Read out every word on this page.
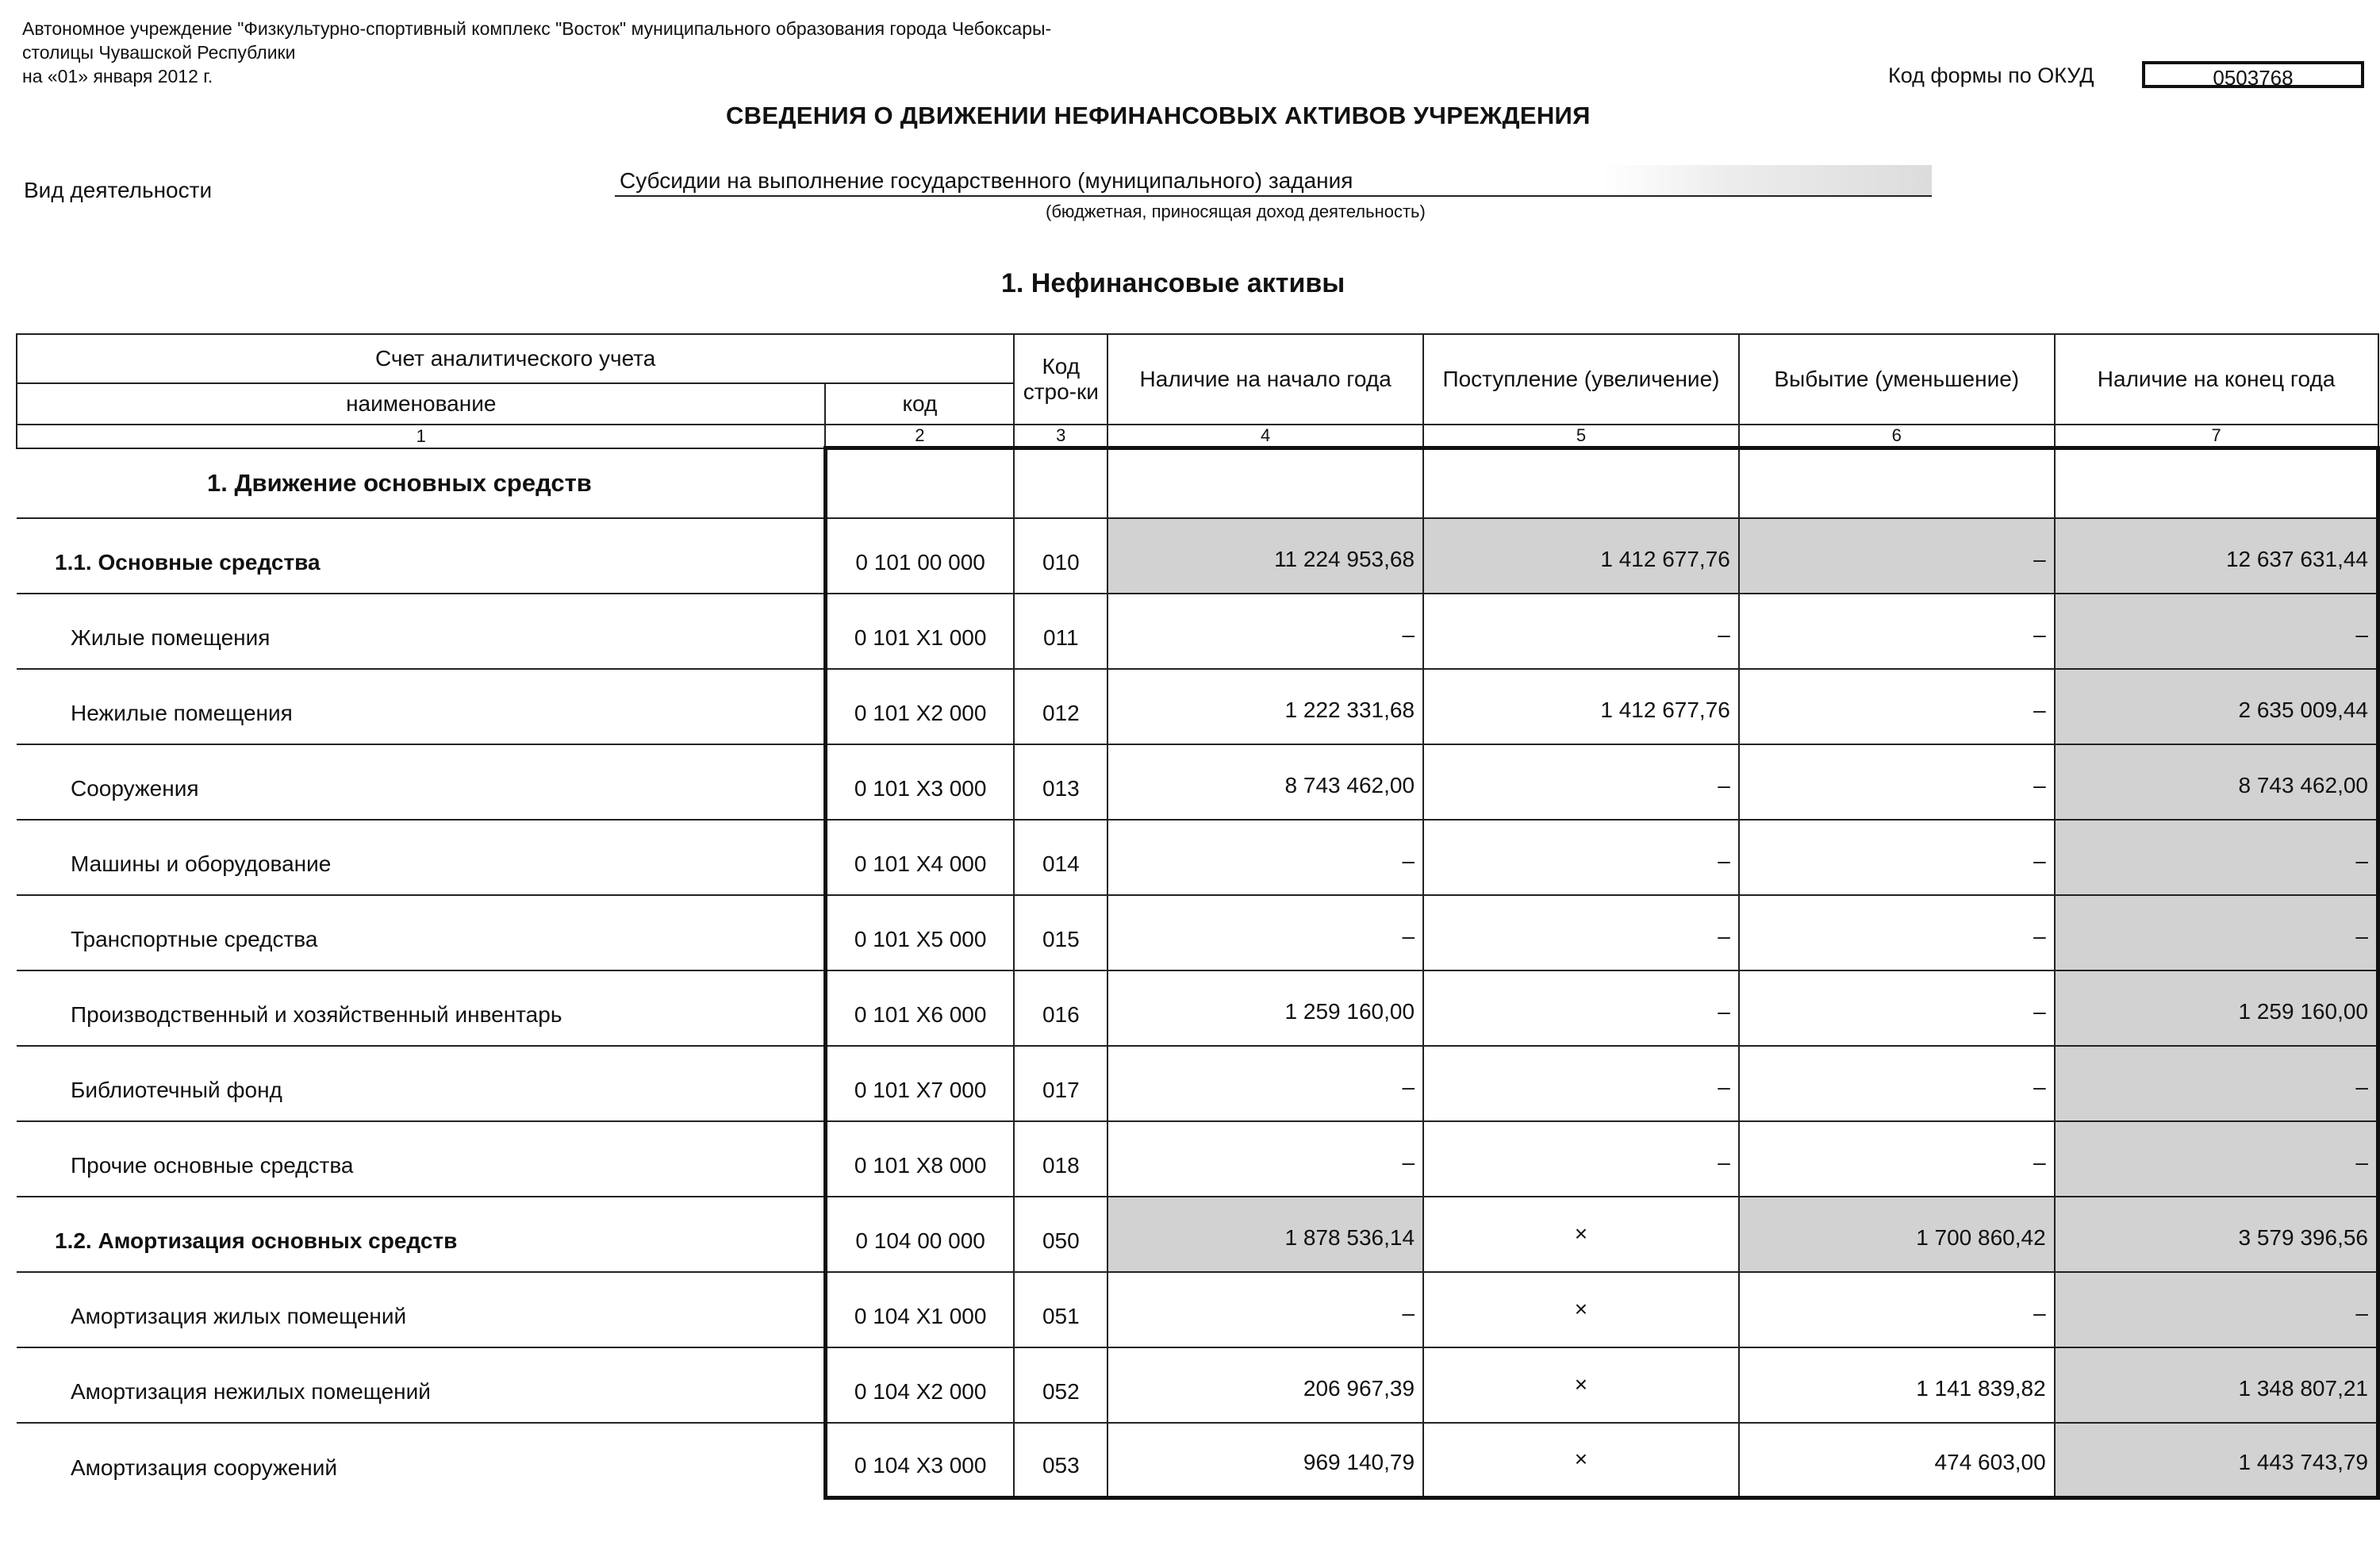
Автономное учреждение "Физкультурно-спортивный комплекс "Восток" муниципального образования города Чебоксары-
столицы Чувашской Республики
на «01» января 2012 г.	Код формы по ОКУД	0503768
СВЕДЕНИЯ О ДВИЖЕНИИ НЕФИНАНСОВЫХ АКТИВОВ УЧРЕЖДЕНИЯ
Вид деятельности	Субсидии на выполнение государственного (муниципального) задания
(бюджетная, приносящая доход деятельность)
1. Нефинансовые активы
Счет аналитического учета		Код стро-ки	Наличие на начало года	Поступление (увеличение)	Выбытие (уменьшение)	Наличие на конец года
наименование	код					
1	2	3	4	5	6	7
1. Движение основных средств						
1.1. Основные средства	0 101 00 000	010	11 224 953,68	1 412 677,76	–	12 637 631,44
Жилые помещения	0 101 X1 000	011	–	–	–	–
Нежилые помещения	0 101 X2 000	012	1 222 331,68	1 412 677,76	–	2 635 009,44
Сооружения	0 101 X3 000	013	8 743 462,00	–	–	8 743 462,00
Машины и оборудование	0 101 X4 000	014	–	–	–	–
Транспортные средства	0 101 X5 000	015	–	–	–	–
Производственный и хозяйственный инвентарь	0 101 X6 000	016	1 259 160,00	–	–	1 259 160,00
Библиотечный фонд	0 101 X7 000	017	–	–	–	–
Прочие основные средства	0 101 X8 000	018	–	–	–	–
1.2. Амортизация основных средств	0 104 00 000	050	1 878 536,14	×	1 700 860,42	3 579 396,56
Амортизация жилых помещений	0 104 X1 000	051	–	×	–	–
Амортизация нежилых помещений	0 104 X2 000	052	206 967,39	×	1 141 839,82	1 348 807,21
Амортизация сооружений	0 104 X3 000	053	969 140,79	×	474 603,00	1 443 743,79
